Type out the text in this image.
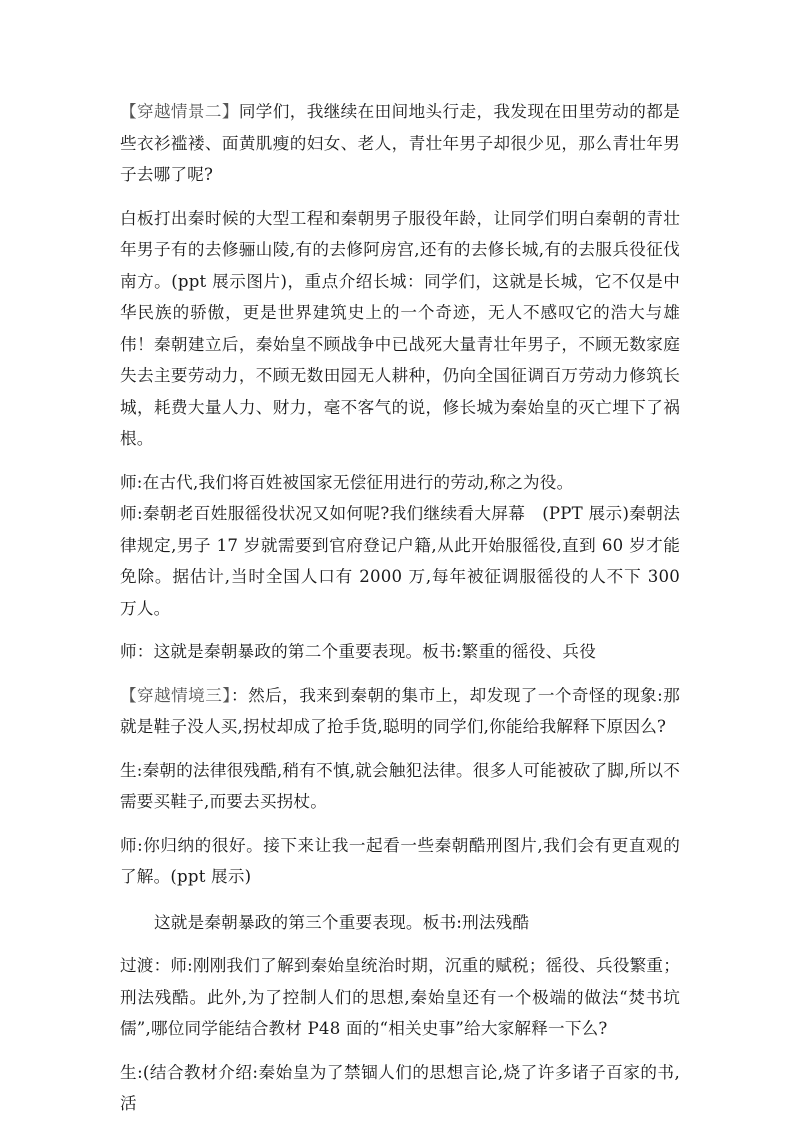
【穿越情景二】同学们，我继续在田间地头行走，我发现在田里劳动的都是些衣衫褴褛、面黄肌瘦的妇女、老人，青壮年男子却很少见，那么青壮年男子去哪了呢?

白板打出秦时候的大型工程和秦朝男子服役年龄，让同学们明白秦朝的青壮年男子有的去修骊山陵,有的去修阿房宫,还有的去修长城,有的去服兵役征伐南方。(ppt 展示图片)，重点介绍长城：同学们，这就是长城，它不仅是中华民族的骄傲，更是世界建筑史上的一个奇迹，无人不感叹它的浩大与雄伟！秦朝建立后，秦始皇不顾战争中已战死大量青壮年男子，不顾无数家庭失去主要劳动力，不顾无数田园无人耕种，仍向全国征调百万劳动力修筑长城，耗费大量人力、财力，毫不客气的说，修长城为秦始皇的灭亡埋下了祸根。

师:在古代,我们将百姓被国家无偿征用进行的劳动,称之为役。

师:秦朝老百姓服徭役状况又如何呢?我们继续看大屏幕　(PPT 展示)秦朝法律规定,男子 17 岁就需要到官府登记户籍,从此开始服徭役,直到 60 岁才能免除。据估计,当时全国人口有 2000 万,每年被征调服徭役的人不下 300 万人。

师：这就是秦朝暴政的第二个重要表现。板书:繁重的徭役、兵役

【穿越情境三】：然后，我来到秦朝的集市上，却发现了一个奇怪的现象:那就是鞋子没人买,拐杖却成了抢手货,聪明的同学们,你能给我解释下原因么?

生:秦朝的法律很残酷,稍有不慎,就会触犯法律。很多人可能被砍了脚,所以不需要买鞋子,而要去买拐杖。

师:你归纳的很好。接下来让我一起看一些秦朝酷刑图片,我们会有更直观的了解。(ppt 展示)

这就是秦朝暴政的第三个重要表现。板书:刑法残酷

过渡：师:刚刚我们了解到秦始皇统治时期，沉重的赋税；徭役、兵役繁重；刑法残酷。此外,为了控制人们的思想,秦始皇还有一个极端的做法“焚书坑儒”,哪位同学能结合教材 P48 面的“相关史事”给大家解释一下么?

生:(结合教材介绍:秦始皇为了禁锢人们的思想言论,烧了许多诸子百家的书,活
